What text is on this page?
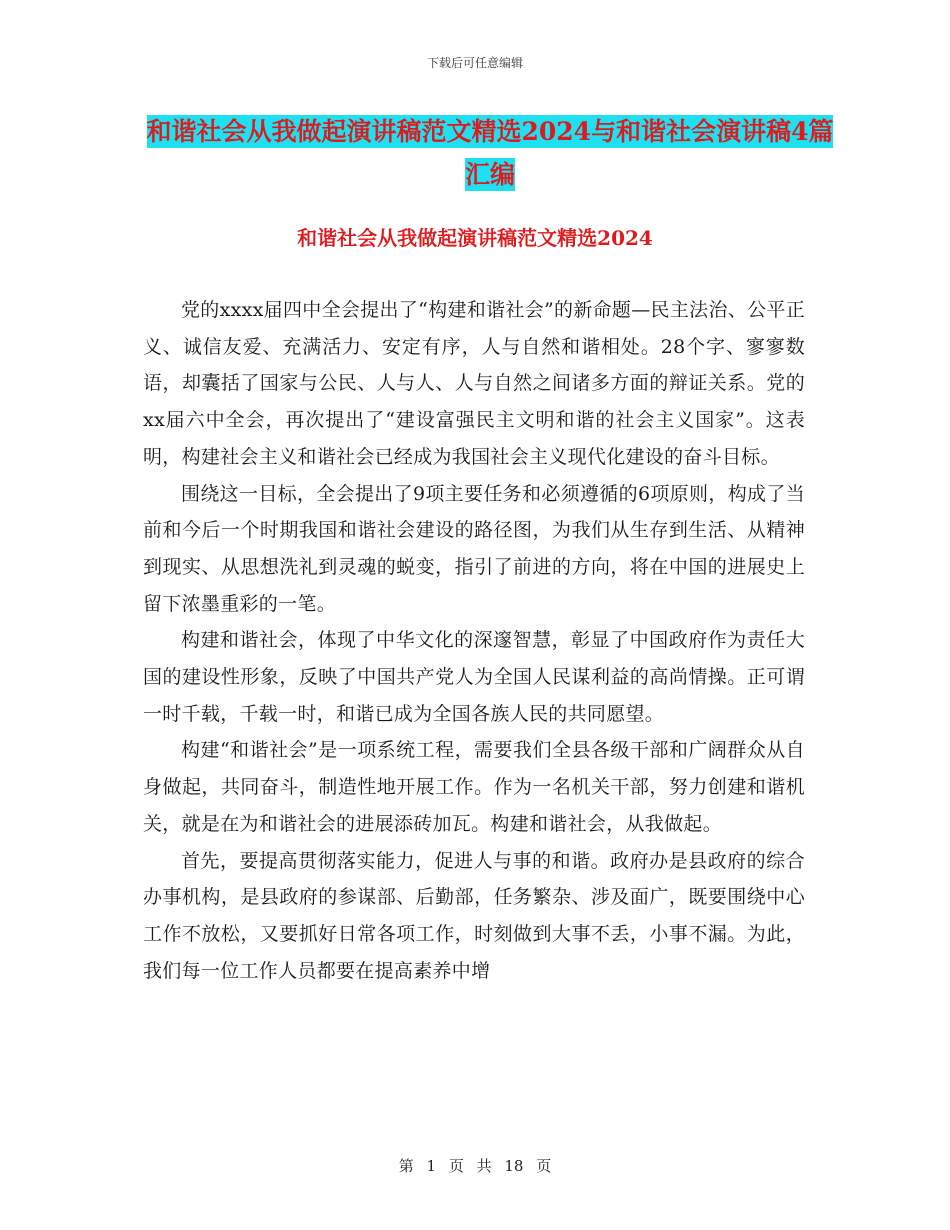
下载后可任意编辑
和谐社会从我做起演讲稿范文精选2024与和谐社会演讲稿4篇汇编
和谐社会从我做起演讲稿范文精选2024

党的xxxx届四中全会提出了“构建和谐社会”的新命题—民主法治、公平正义、诚信友爱、充满活力、安定有序，人与自然和谐相处。28个字、寥寥数语，却囊括了国家与公民、人与人、人与自然之间诸多方面的辩证关系。党的xx届六中全会，再次提出了“建设富强民主文明和谐的社会主义国家”。这表明，构建社会主义和谐社会已经成为我国社会主义现代化建设的奋斗目标。

围绕这一目标，全会提出了9项主要任务和必须遵循的6项原则，构成了当前和今后一个时期我国和谐社会建设的路径图，为我们从生存到生活、从精神到现实、从思想洗礼到灵魂的蜕变，指引了前进的方向，将在中国的进展史上留下浓墨重彩的一笔。

构建和谐社会，体现了中华文化的深邃智慧，彰显了中国政府作为责任大国的建设性形象，反映了中国共产党人为全国人民谋利益的高尚情操。正可谓一时千载，千载一时，和谐已成为全国各族人民的共同愿望。

构建“和谐社会”是一项系统工程，需要我们全县各级干部和广阔群众从自身做起，共同奋斗，制造性地开展工作。作为一名机关干部，努力创建和谐机关，就是在为和谐社会的进展添砖加瓦。构建和谐社会，从我做起。

首先，要提高贯彻落实能力，促进人与事的和谐。政府办是县政府的综合办事机构，是县政府的参谋部、后勤部，任务繁杂、涉及面广，既要围绕中心工作不放松，又要抓好日常各项工作，时刻做到大事不丢，小事不漏。为此，我们每一位工作人员都要在提高素养中增

第 1 页 共 18 页
